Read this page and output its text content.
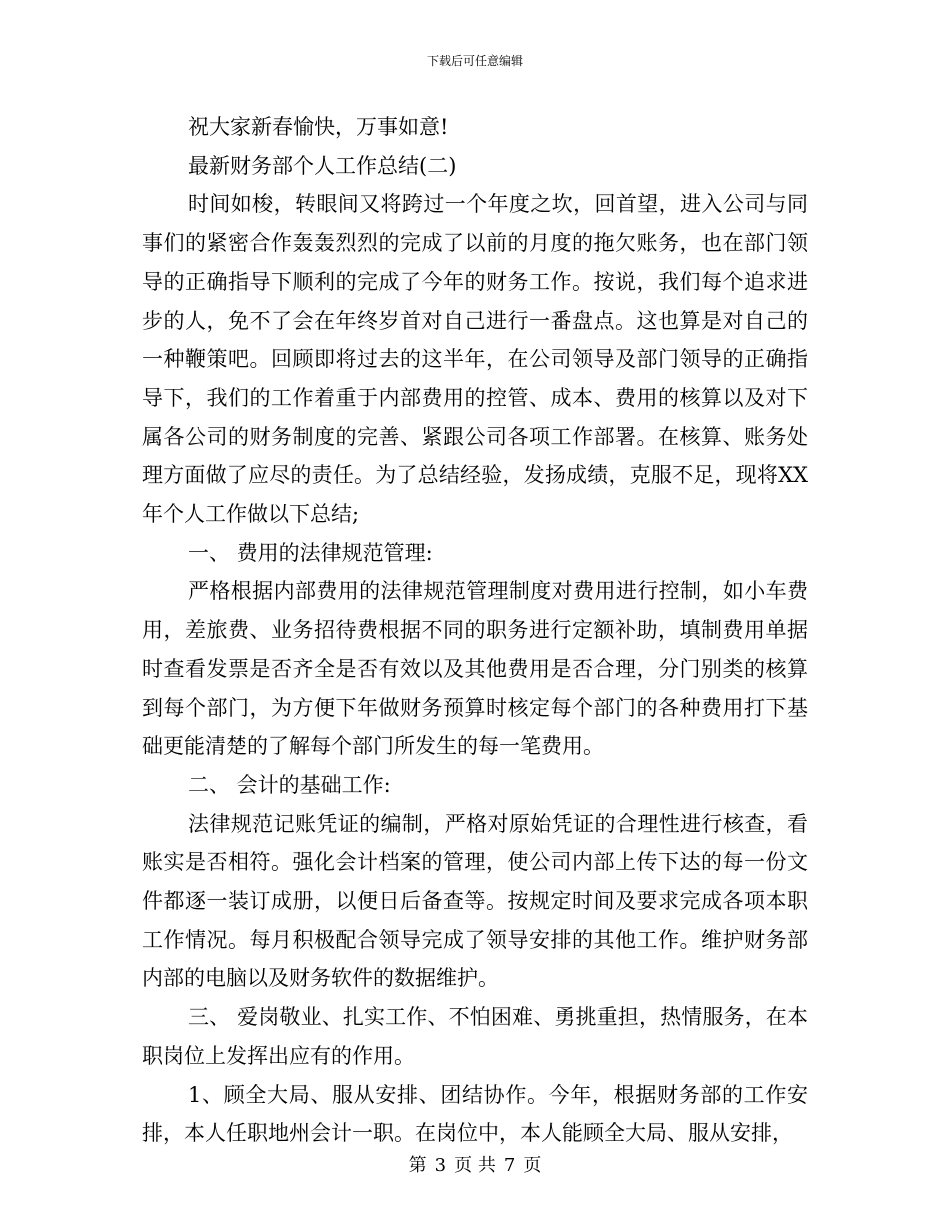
下载后可任意编辑

祝大家新春愉快，万事如意!

最新财务部个人工作总结(二)

时间如梭，转眼间又将跨过一个年度之坎，回首望，进入公司与同事们的紧密合作轰轰烈烈的完成了以前的月度的拖欠账务，也在部门领导的正确指导下顺利的完成了今年的财务工作。按说，我们每个追求进步的人，免不了会在年终岁首对自己进行一番盘点。这也算是对自己的一种鞭策吧。回顾即将过去的这半年，在公司领导及部门领导的正确指导下，我们的工作着重于内部费用的控管、成本、费用的核算以及对下属各公司的财务制度的完善、紧跟公司各项工作部署。在核算、账务处理方面做了应尽的责任。为了总结经验，发扬成绩，克服不足，现将XX年个人工作做以下总结;

一、 费用的法律规范管理:

严格根据内部费用的法律规范管理制度对费用进行控制，如小车费用，差旅费、业务招待费根据不同的职务进行定额补助，填制费用单据时查看发票是否齐全是否有效以及其他费用是否合理，分门别类的核算到每个部门，为方便下年做财务预算时核定每个部门的各种费用打下基础更能清楚的了解每个部门所发生的每一笔费用。

二、 会计的基础工作:

法律规范记账凭证的编制，严格对原始凭证的合理性进行核查，看账实是否相符。强化会计档案的管理，使公司内部上传下达的每一份文件都逐一装订成册，以便日后备查等。按规定时间及要求完成各项本职工作情况。每月积极配合领导完成了领导安排的其他工作。维护财务部内部的电脑以及财务软件的数据维护。

三、 爱岗敬业、扎实工作、不怕困难、勇挑重担，热情服务，在本职岗位上发挥出应有的作用。

1、顾全大局、服从安排、团结协作。今年，根据财务部的工作安排，本人任职地州会计一职。在岗位中，本人能顾全大局、服从安排，

第 3 页 共 7 页
